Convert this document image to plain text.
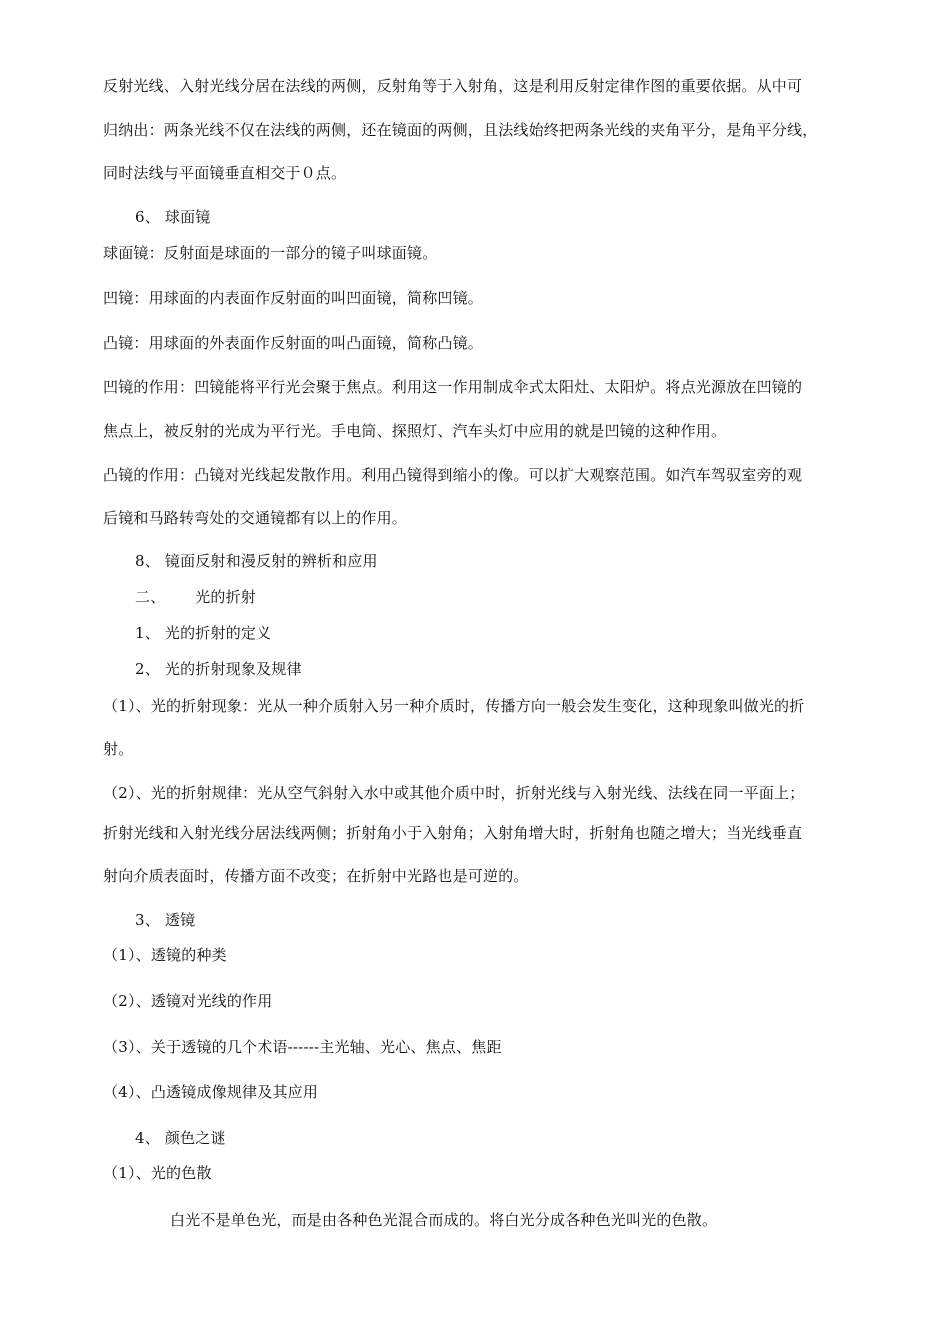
反射光线、入射光线分居在法线的两侧，反射角等于入射角，这是利用反射定律作图的重要依据。从中可
归纳出：两条光线不仅在法线的两侧，还在镜面的两侧，且法线始终把两条光线的夹角平分，是角平分线，
同时法线与平面镜垂直相交于０点。
6、 球面镜
球面镜：反射面是球面的一部分的镜子叫球面镜。
凹镜：用球面的内表面作反射面的叫凹面镜，简称凹镜。
凸镜：用球面的外表面作反射面的叫凸面镜，简称凸镜。
凹镜的作用：凹镜能将平行光会聚于焦点。利用这一作用制成伞式太阳灶、太阳炉。将点光源放在凹镜的
焦点上，被反射的光成为平行光。手电筒、探照灯、汽车头灯中应用的就是凹镜的这种作用。
凸镜的作用：凸镜对光线起发散作用。利用凸镜得到缩小的像。可以扩大观察范围。如汽车驾驭室旁的观
后镜和马路转弯处的交通镜都有以上的作用。
8、 镜面反射和漫反射的辨析和应用
二、      光的折射
1、 光的折射的定义
2、 光的折射现象及规律
（1）、光的折射现象：光从一种介质射入另一种介质时，传播方向一般会发生变化，这种现象叫做光的折
射。
（2）、光的折射规律：光从空气斜射入水中或其他介质中时，折射光线与入射光线、法线在同一平面上；
折射光线和入射光线分居法线两侧；折射角小于入射角；入射角增大时，折射角也随之增大；当光线垂直
射向介质表面时，传播方面不改变；在折射中光路也是可逆的。
3、 透镜
（1）、透镜的种类
（2）、透镜对光线的作用
（3）、关于透镜的几个术语------主光轴、光心、焦点、焦距
（4）、凸透镜成像规律及其应用
4、 颜色之谜
（1）、光的色散
白光不是单色光，而是由各种色光混合而成的。将白光分成各种色光叫光的色散。
